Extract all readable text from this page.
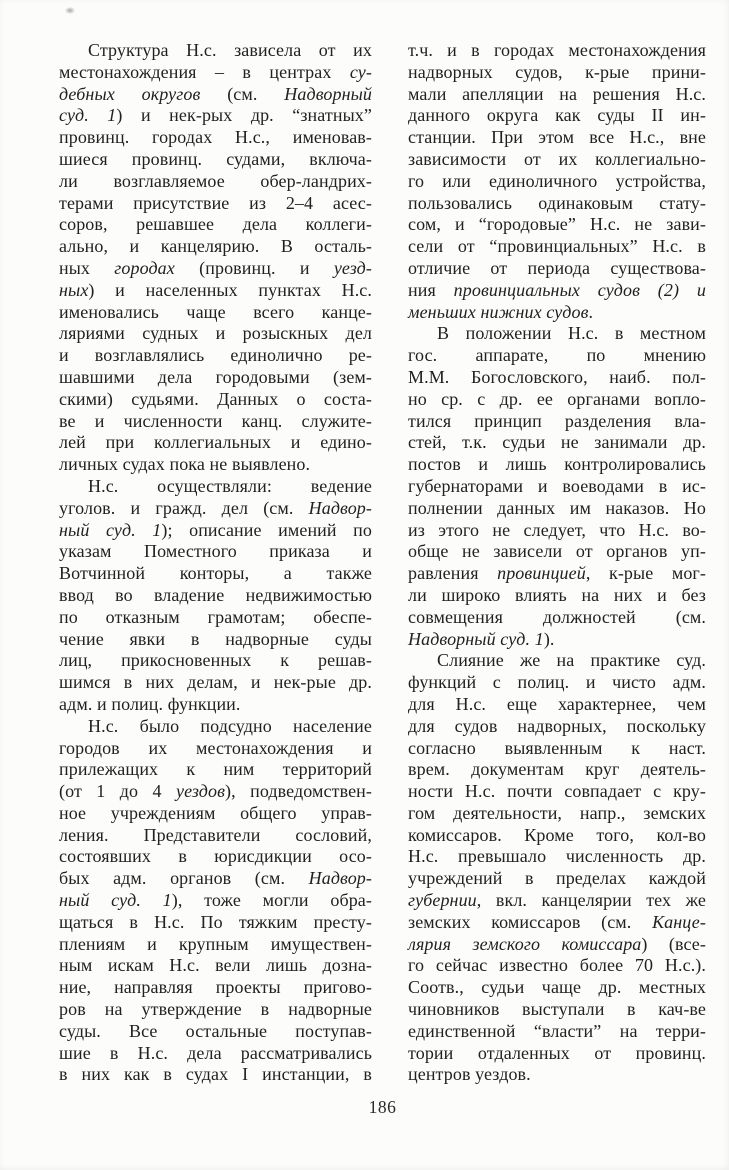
Структура Н.с. зависела от их
местонахождения – в центрах су-
дебных округов (см. Надворный
суд. 1) и нек-рых др. “знатных”
провинц. городах Н.с., именовав-
шиеся провинц. судами, включа-
ли возглавляемое обер-ландрих-
терами присутствие из 2–4 асес-
соров, решавшее дела коллеги-
ально, и канцелярию. В осталь-
ных городах (провинц. и уезд-
ных) и населенных пунктах Н.с.
именовались чаще всего канце-
ляриями судных и розыскных дел
и возглавлялись единолично ре-
шавшими дела городовыми (зем-
скими) судьями. Данных о соста-
ве и численности канц. служите-
лей при коллегиальных и едино-
личных судах пока не выявлено.
Н.с. осуществляли: ведение
уголов. и гражд. дел (см. Надвор-
ный суд. 1); описание имений по
указам Поместного приказа и
Вотчинной конторы, а также
ввод во владение недвижимостью
по отказным грамотам; обеспе-
чение явки в надворные суды
лиц, прикосновенных к решав-
шимся в них делам, и нек-рые др.
адм. и полиц. функции.
Н.с. было подсудно население
городов их местонахождения и
прилежащих к ним территорий
(от 1 до 4 уездов), подведомствен-
ное учреждениям общего управ-
ления. Представители сословий,
состоявших в юрисдикции осо-
бых адм. органов (см. Надвор-
ный суд. 1), тоже могли обра-
щаться в Н.с. По тяжким престу-
плениям и крупным имуществен-
ным искам Н.с. вели лишь дозна-
ние, направляя проекты пригово-
ров на утверждение в надворные
суды. Все остальные поступав-
шие в Н.с. дела рассматривались
в них как в судах I инстанции, в
т.ч. и в городах местонахождения
надворных судов, к-рые прини-
мали апелляции на решения Н.с.
данного округа как суды II ин-
станции. При этом все Н.с., вне
зависимости от их коллегиально-
го или единоличного устройства,
пользовались одинаковым стату-
сом, и “городовые” Н.с. не зави-
сели от “провинциальных” Н.с. в
отличие от периода существова-
ния провинциальных судов (2) и
меньших нижних судов.
В положении Н.с. в местном
гос. аппарате, по мнению
М.М. Богословского, наиб. пол-
но ср. с др. ее органами вопло-
тился принцип разделения вла-
стей, т.к. судьи не занимали др.
постов и лишь контролировались
губернаторами и воеводами в ис-
полнении данных им наказов. Но
из этого не следует, что Н.с. во-
обще не зависели от органов уп-
равления провинцией, к-рые мог-
ли широко влиять на них и без
совмещения должностей (см.
Надворный суд. 1).
Слияние же на практике суд.
функций с полиц. и чисто адм.
для Н.с. еще характернее, чем
для судов надворных, поскольку
согласно выявленным к наст.
врем. документам круг деятель-
ности Н.с. почти совпадает с кру-
гом деятельности, напр., земских
комиссаров. Кроме того, кол-во
Н.с. превышало численность др.
учреждений в пределах каждой
губернии, вкл. канцелярии тех же
земских комиссаров (см. Канце-
лярия земского комиссара) (все-
го сейчас известно более 70 Н.с.).
Соотв., судьи чаще др. местных
чиновников выступали в кач-ве
единственной “власти” на терри-
тории отдаленных от провинц.
центров уездов.
186
